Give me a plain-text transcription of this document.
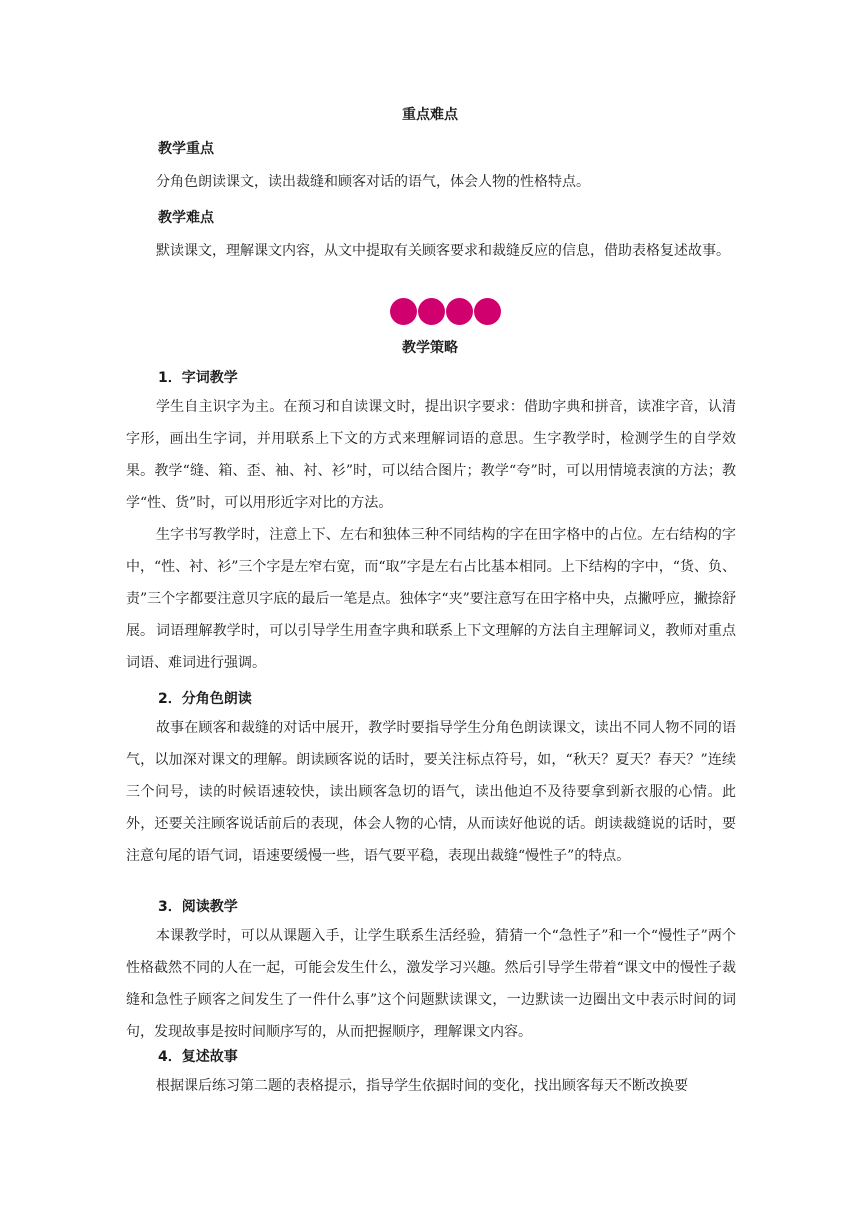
重点难点
教学重点
分角色朗读课文，读出裁缝和顾客对话的语气，体会人物的性格特点。
教学难点
默读课文，理解课文内容，从文中提取有关顾客要求和裁缝反应的信息，借助表格复述故事。
教学策略
1．字词教学
学生自主识字为主。在预习和自读课文时，提出识字要求：借助字典和拼音，读准字音，认清字形，画出生字词，并用联系上下文的方式来理解词语的意思。生字教学时，检测学生的自学效果。教学“缝、箱、歪、袖、衬、衫”时，可以结合图片；教学“夸”时，可以用情境表演的方法；教学“性、货”时，可以用形近字对比的方法。
生字书写教学时，注意上下、左右和独体三种不同结构的字在田字格中的占位。左右结构的字中，“性、衬、衫”三个字是左窄右宽，而“取”字是左右占比基本相同。上下结构的字中，“货、负、责”三个字都要注意贝字底的最后一笔是点。独体字“夹”要注意写在田字格中央，点撇呼应，撇捺舒展。 词语理解教学时，可以引导学生用查字典和联系上下文理解的方法自主理解词义，教师对重点词语、难词进行强调。
2．分角色朗读
故事在顾客和裁缝的对话中展开，教学时要指导学生分角色朗读课文，读出不同人物不同的语气，以加深对课文的理解。朗读顾客说的话时，要关注标点符号，如，“秋天？夏天？春天？”连续三个问号，读的时候语速较快，读出顾客急切的语气，读出他迫不及待要拿到新衣服的心情。此外，还要关注顾客说话前后的表现，体会人物的心情，从而读好他说的话。朗读裁缝说的话时，要注意句尾的语气词，语速要缓慢一些，语气要平稳，表现出裁缝“慢性子”的特点。
3．阅读教学
本课教学时，可以从课题入手，让学生联系生活经验，猜猜一个“急性子”和一个“慢性子”两个性格截然不同的人在一起，可能会发生什么，激发学习兴趣。然后引导学生带着“课文中的慢性子裁缝和急性子顾客之间发生了一件什么事”这个问题默读课文，一边默读一边圈出文中表示时间的词句，发现故事是按时间顺序写的，从而把握顺序，理解课文内容。
4．复述故事
根据课后练习第二题的表格提示，指导学生依据时间的变化，找出顾客每天不断改换要
